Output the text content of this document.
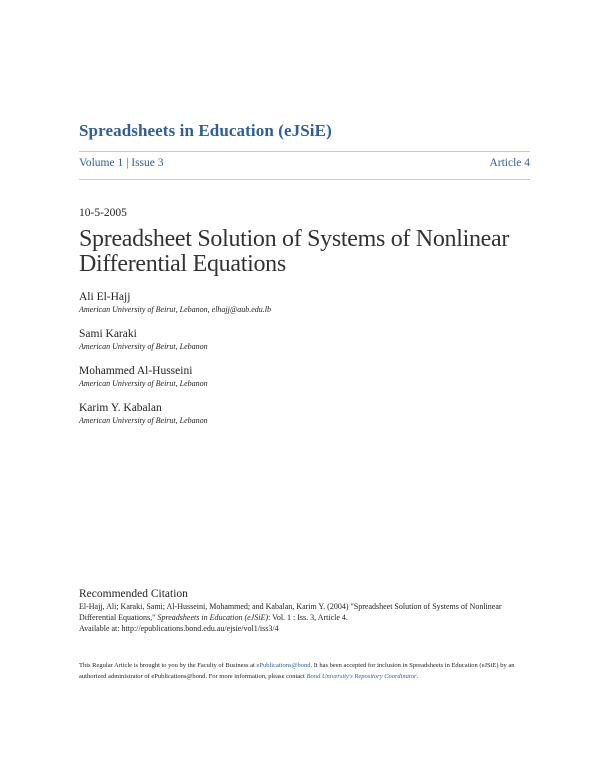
Spreadsheets in Education (eJSiE)
Volume 1 | Issue 3	Article 4
10-5-2005
Spreadsheet Solution of Systems of Nonlinear Differential Equations
Ali El-Hajj
American University of Beirut, Lebanon, elhajj@aub.edu.lb
Sami Karaki
American University of Beirut, Lebanon
Mohammed Al-Husseini
American University of Beirut, Lebanon
Karim Y. Kabalan
American University of Beirut, Lebanon
Recommended Citation
El-Hajj, Ali; Karaki, Sami; Al-Husseini, Mohammed; and Kabalan, Karim Y. (2004) "Spreadsheet Solution of Systems of Nonlinear Differential Equations," Spreadsheets in Education (eJSiE): Vol. 1 : Iss. 3, Article 4.
Available at: http://epublications.bond.edu.au/ejsie/vol1/iss3/4
This Regular Article is brought to you by the Faculty of Business at ePublications@bond. It has been accepted for inclusion in Spreadsheets in Education (eJSiE) by an authorized administrator of ePublications@bond. For more information, please contact Bond University's Repository Coordinator.
